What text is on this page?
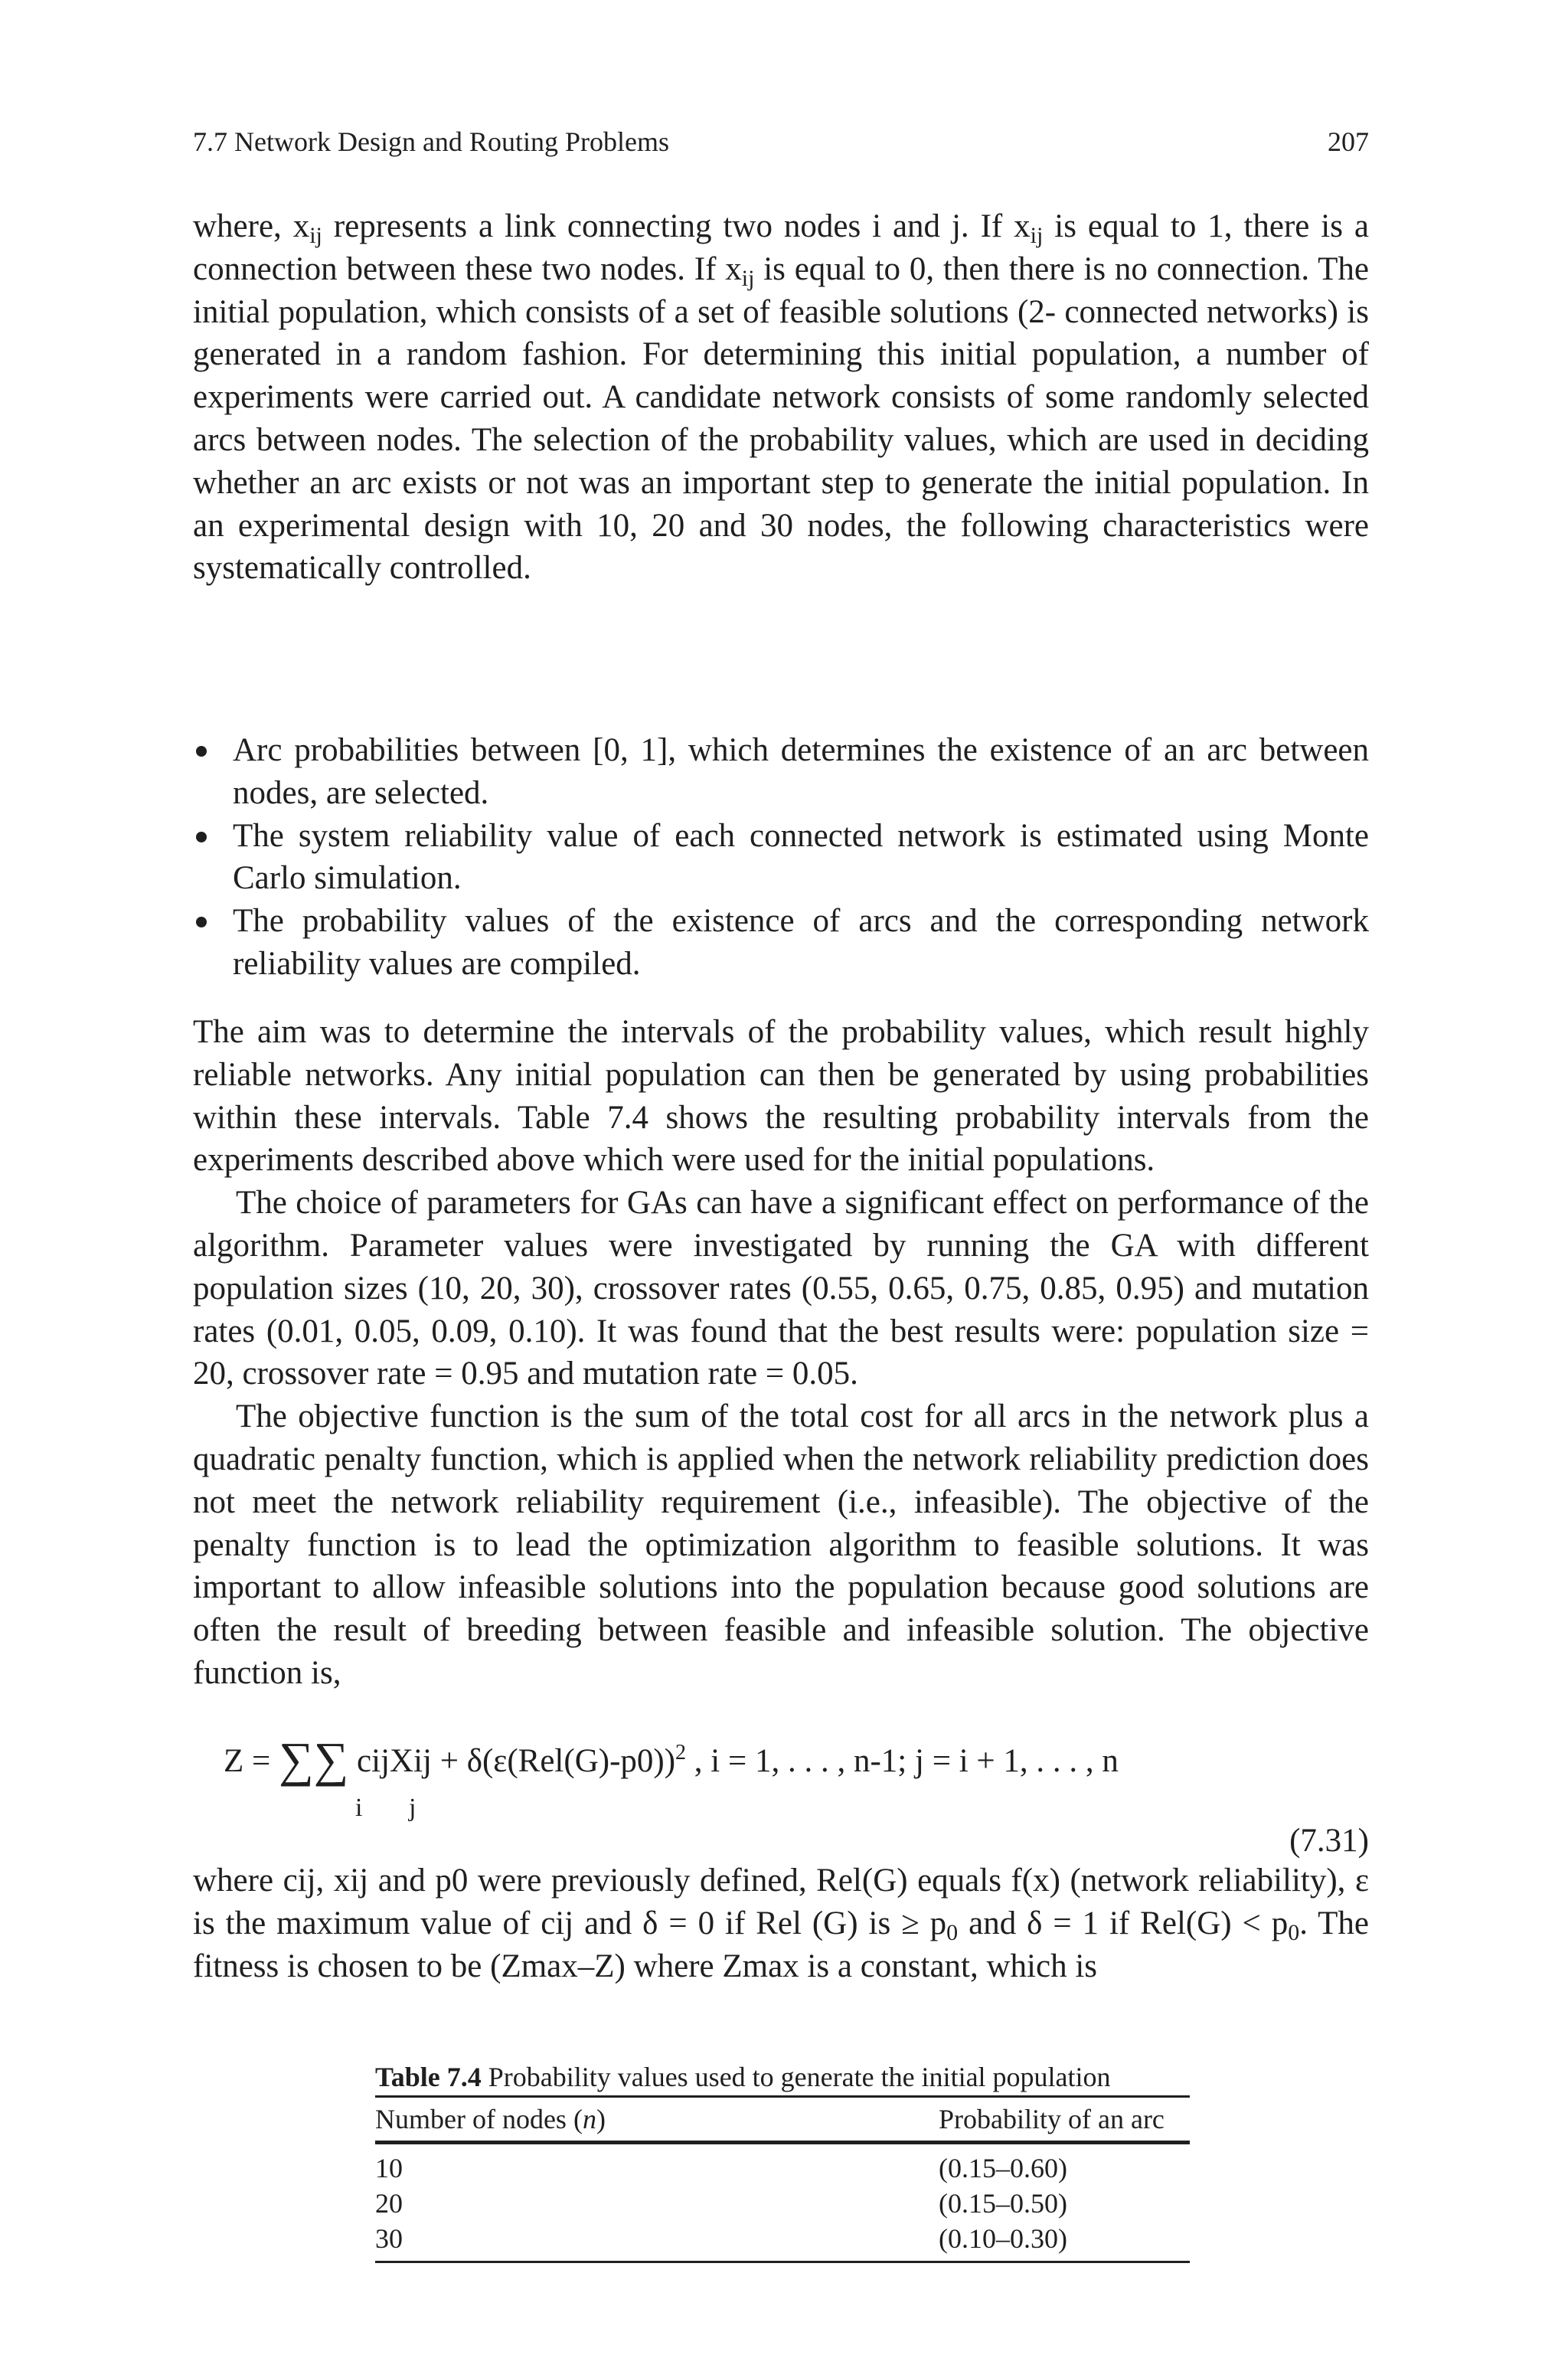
7.7 Network Design and Routing Problems	207

where, $x_{ij}$ represents a link connecting two nodes i and j. If $x_{ij}$ is equal to 1, there is a connection between these two nodes. If $x_{ij}$ is equal to 0, then there is no connection. The initial population, which consists of a set of feasible solutions (2- connected networks) is generated in a random fashion. For determining this initial population, a number of experiments were carried out. A candidate network consists of some randomly selected arcs between nodes. The selection of the probability values, which are used in deciding whether an arc exists or not was an important step to generate the initial population. In an experimental design with 10, 20 and 30 nodes, the following characteristics were systematically controlled.

Arc probabilities between [0, 1], which determines the existence of an arc between nodes, are selected.
The system reliability value of each connected network is estimated using Monte Carlo simulation.
The probability values of the existence of arcs and the corresponding network reliability values are compiled.

The aim was to determine the intervals of the probability values, which result highly reliable networks. Any initial population can then be generated by using probabilities within these intervals. Table 7.4 shows the resulting probability intervals from the experiments described above which were used for the initial populations.

The choice of parameters for GAs can have a significant effect on performance of the algorithm. Parameter values were investigated by running the GA with different population sizes (10, 20, 30), crossover rates (0.55, 0.65, 0.75, 0.85, 0.95) and mutation rates (0.01, 0.05, 0.09, 0.10). It was found that the best results were: population size = 20, crossover rate = 0.95 and mutation rate = 0.05.

The objective function is the sum of the total cost for all arcs in the network plus a quadratic penalty function, which is applied when the network reliability prediction does not meet the network reliability requirement (i.e., infeasible). The objective of the penalty function is to lead the optimization algorithm to feasible solutions. It was important to allow infeasible solutions into the population because good solutions are often the result of breeding between feasible and infeasible solution. The objective function is,

Z = ∑∑ cijXij + $\delta(\varepsilon(Rel(G)-p0))^2$ , i = 1, . . . , n-1; j = i + 1, . . . , n
i j
(7.31)

where cij, xij and p0 were previously defined, Rel(G) equals f(x) (network reliability), ε is the maximum value of cij and δ = 0 if Rel (G) is ≥ $p_0$ and δ = 1 if $Rel(G) < p_0$. The fitness is chosen to be (Zmax–Z) where Zmax is a constant, which is

Table 7.4 Probability values used to generate the initial population
Number of nodes (n)	Probability of an arc
10	(0.15–0.60)
20	(0.15–0.50)
30	(0.10–0.30)
